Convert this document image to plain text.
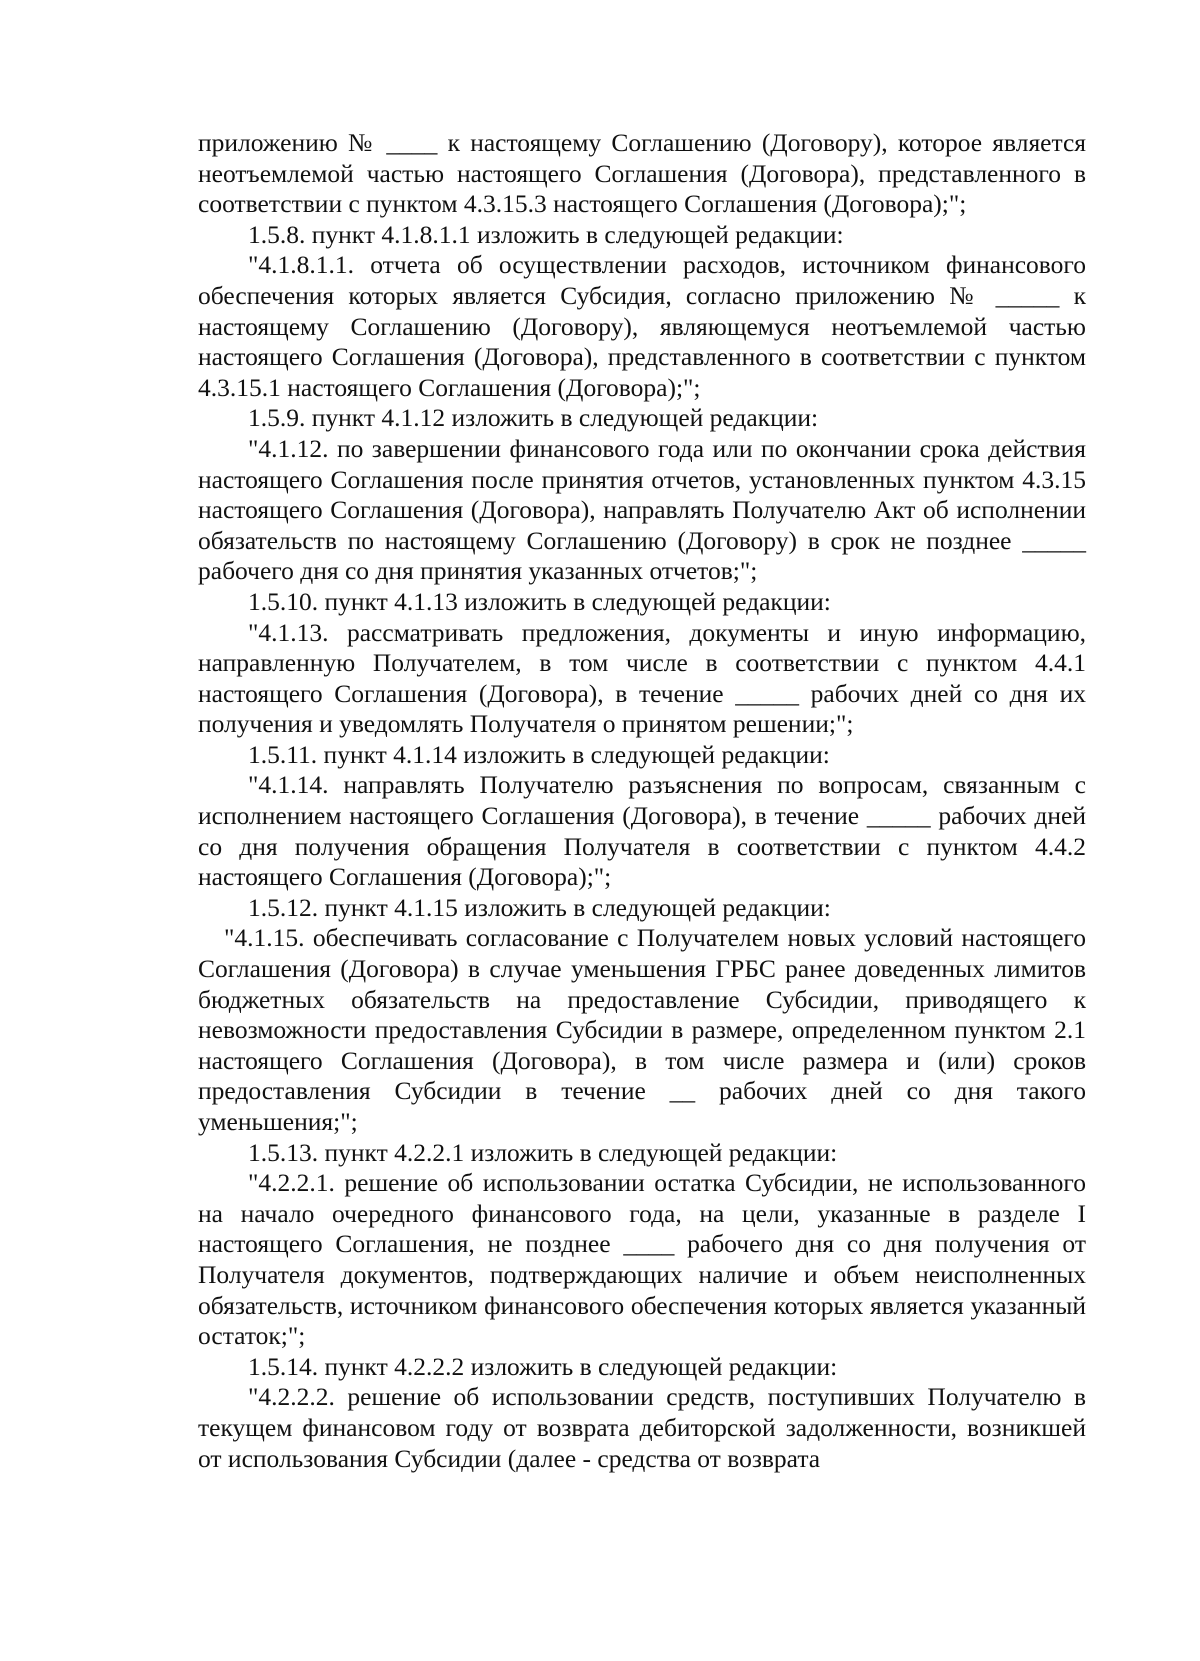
приложению № ____ к настоящему Соглашению (Договору), которое является неотъемлемой частью настоящего Соглашения (Договора), представленного в соответствии с пунктом 4.3.15.3 настоящего Соглашения (Договора);";

1.5.8. пункт 4.1.8.1.1 изложить в следующей редакции:

"4.1.8.1.1. отчета об осуществлении расходов, источником финансового обеспечения которых является Субсидия, согласно приложению № _____ к настоящему Соглашению (Договору), являющемуся неотъемлемой частью настоящего Соглашения (Договора), представленного в соответствии с пунктом 4.3.15.1 настоящего Соглашения (Договора);";

1.5.9. пункт 4.1.12 изложить в следующей редакции:

"4.1.12. по завершении финансового года или по окончании срока действия настоящего Соглашения после принятия отчетов, установленных пунктом 4.3.15 настоящего Соглашения (Договора), направлять Получателю Акт об исполнении обязательств по настоящему Соглашению (Договору) в срок не позднее _____ рабочего дня со дня принятия указанных отчетов;";

1.5.10. пункт 4.1.13 изложить в следующей редакции:

"4.1.13. рассматривать предложения, документы и иную информацию, направленную Получателем, в том числе в соответствии с пунктом 4.4.1 настоящего Соглашения (Договора), в течение _____ рабочих дней со дня их получения и уведомлять Получателя о принятом решении;";

1.5.11. пункт 4.1.14 изложить в следующей редакции:

"4.1.14. направлять Получателю разъяснения по вопросам, связанным с исполнением настоящего Соглашения (Договора), в течение _____ рабочих дней со дня получения обращения Получателя в соответствии с пунктом 4.4.2 настоящего Соглашения (Договора);";

1.5.12. пункт 4.1.15 изложить в следующей редакции:

"4.1.15. обеспечивать согласование с Получателем новых условий настоящего Соглашения (Договора) в случае уменьшения ГРБС ранее доведенных лимитов бюджетных обязательств на предоставление Субсидии, приводящего к невозможности предоставления Субсидии в размере, определенном пунктом 2.1 настоящего Соглашения (Договора), в том числе размера и (или) сроков предоставления Субсидии в течение __ рабочих дней со дня такого уменьшения;";

1.5.13. пункт 4.2.2.1 изложить в следующей редакции:

"4.2.2.1. решение об использовании остатка Субсидии, не использованного на начало очередного финансового года, на цели, указанные в разделе I настоящего Соглашения, не позднее ____ рабочего дня со дня получения от Получателя документов, подтверждающих наличие и объем неисполненных обязательств, источником финансового обеспечения которых является указанный остаток;";

1.5.14. пункт 4.2.2.2 изложить в следующей редакции:

"4.2.2.2. решение об использовании средств, поступивших Получателю в текущем финансовом году от возврата дебиторской задолженности, возникшей от использования Субсидии (далее - средства от возврата
